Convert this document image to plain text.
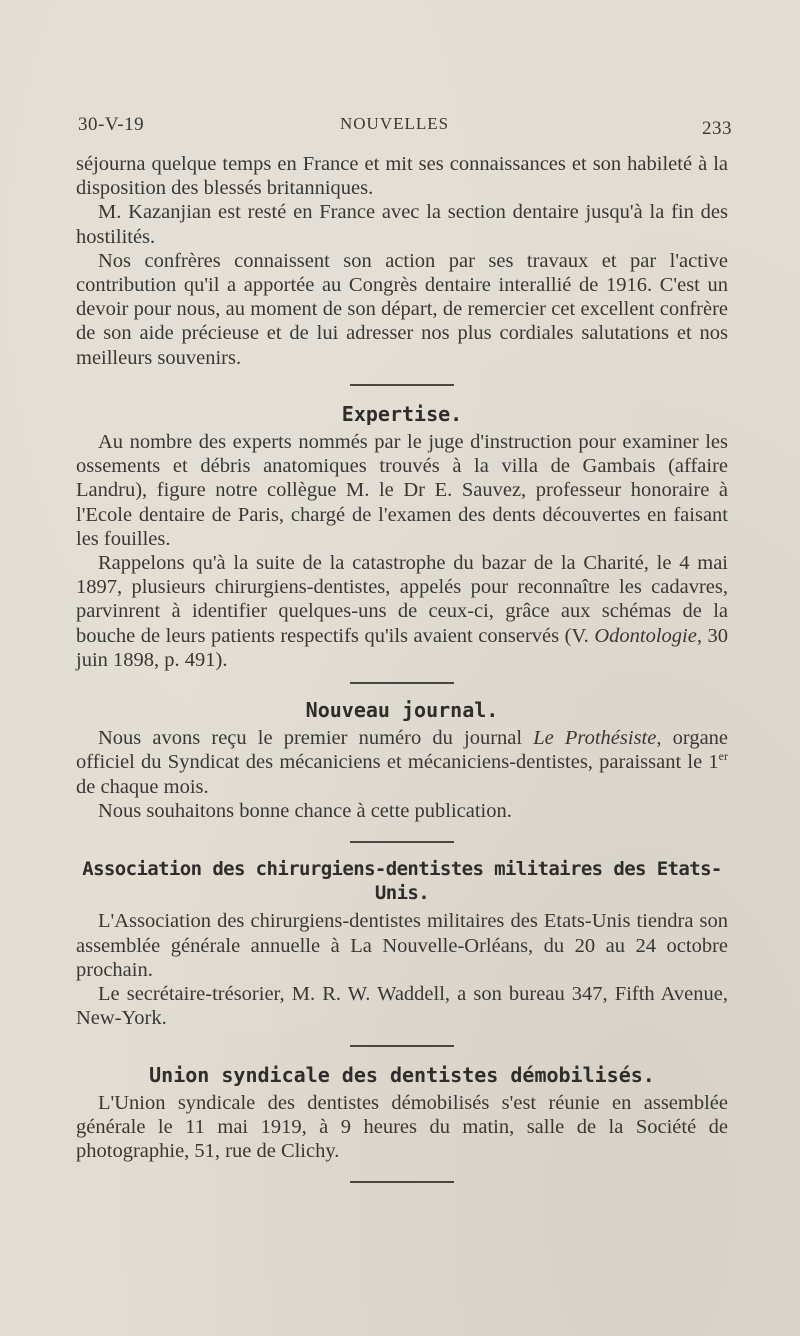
30-V-19	NOUVELLES	233

séjourna quelque temps en France et mit ses connaissances et son habileté à la disposition des blessés britanniques.

M. Kazanjian est resté en France avec la section dentaire jusqu'à la fin des hostilités.

Nos confrères connaissent son action par ses travaux et par l'active contribution qu'il a apportée au Congrès dentaire interallié de 1916. C'est un devoir pour nous, au moment de son départ, de remercier cet excellent confrère de son aide précieuse et de lui adresser nos plus cordiales salutations et nos meilleurs souvenirs.

Expertise.

Au nombre des experts nommés par le juge d'instruction pour examiner les ossements et débris anatomiques trouvés à la villa de Gambais (affaire Landru), figure notre collègue M. le Dr E. Sauvez, professeur honoraire à l'Ecole dentaire de Paris, chargé de l'examen des dents découvertes en faisant les fouilles.

Rappelons qu'à la suite de la catastrophe du bazar de la Charité, le 4 mai 1897, plusieurs chirurgiens-dentistes, appelés pour reconnaître les cadavres, parvinrent à identifier quelques-uns de ceux-ci, grâce aux schémas de la bouche de leurs patients respectifs qu'ils avaient conservés (V. Odontologie, 30 juin 1898, p. 491).

Nouveau journal.

Nous avons reçu le premier numéro du journal Le Prothésiste, organe officiel du Syndicat des mécaniciens et mécaniciens-dentistes, paraissant le 1er de chaque mois.

Nous souhaitons bonne chance à cette publication.

Association des chirurgiens-dentistes militaires des Etats-Unis.

L'Association des chirurgiens-dentistes militaires des Etats-Unis tiendra son assemblée générale annuelle à La Nouvelle-Orléans, du 20 au 24 octobre prochain.

Le secrétaire-trésorier, M. R. W. Waddell, a son bureau 347, Fifth Avenue, New-York.

Union syndicale des dentistes démobilisés.

L'Union syndicale des dentistes démobilisés s'est réunie en assemblée générale le 11 mai 1919, à 9 heures du matin, salle de la Société de photographie, 51, rue de Clichy.
